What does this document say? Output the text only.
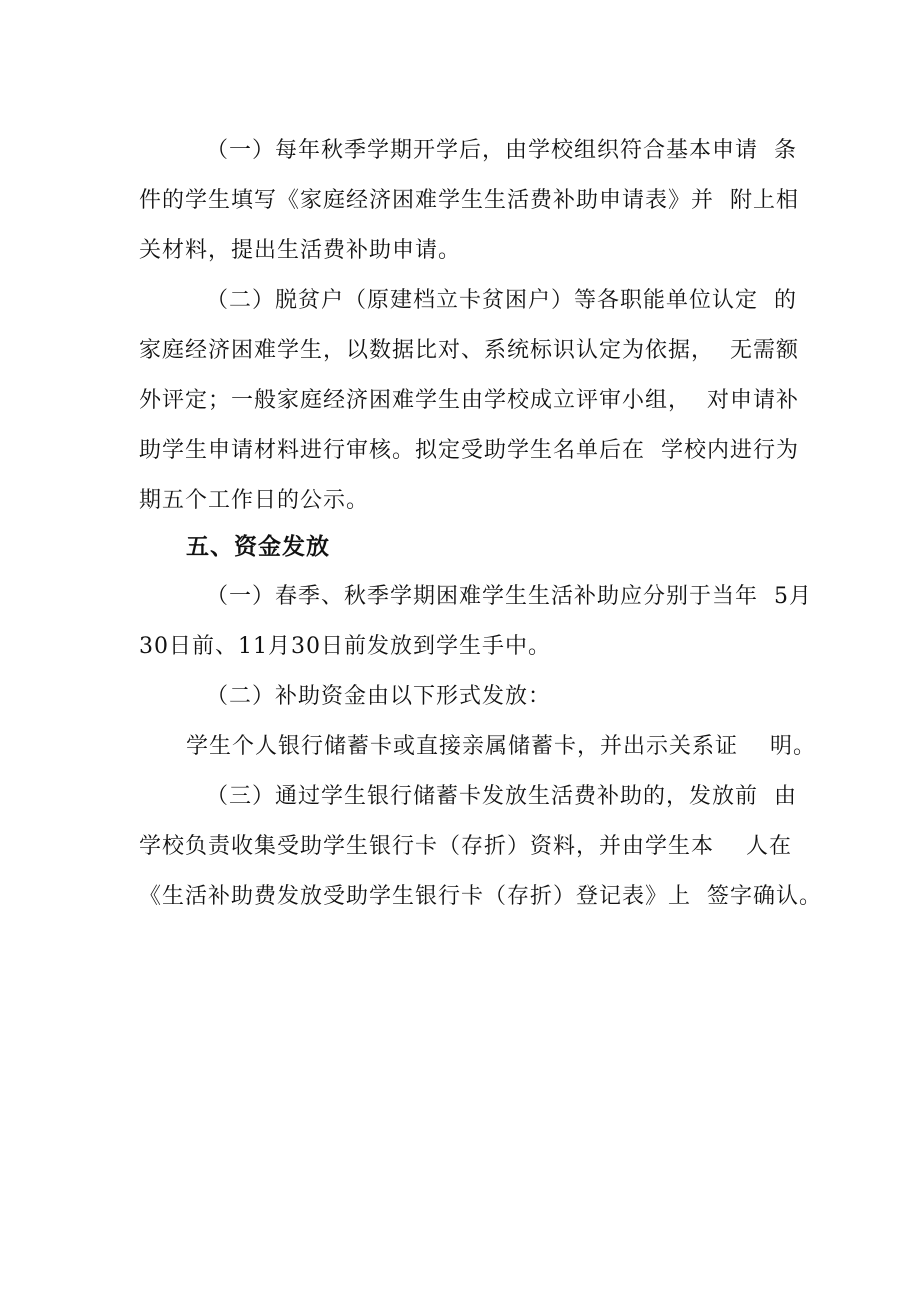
（一）每年秋季学期开学后，由学校组织符合基本申请  条
件的学生填写《家庭经济困难学生生活费补助申请表》并  附上相
关材料，提出生活费补助申请。
（二）脱贫户（原建档立卡贫困户）等各职能单位认定  的
家庭经济困难学生，以数据比对、系统标识认定为依据，  无需额
外评定；一般家庭经济困难学生由学校成立评审小组，  对申请补
助学生申请材料进行审核。拟定受助学生名单后在  学校内进行为
期五个工作日的公示。
五、资金发放
（一）春季、秋季学期困难学生生活补助应分别于当年  5月
30日前、11月30日前发放到学生手中。
（二）补助资金由以下形式发放：
学生个人银行储蓄卡或直接亲属储蓄卡，并出示关系证    明。
（三）通过学生银行储蓄卡发放生活费补助的，发放前  由
学校负责收集受助学生银行卡（存折）资料，并由学生本    人在
《生活补助费发放受助学生银行卡（存折）登记表》上  签字确认。
